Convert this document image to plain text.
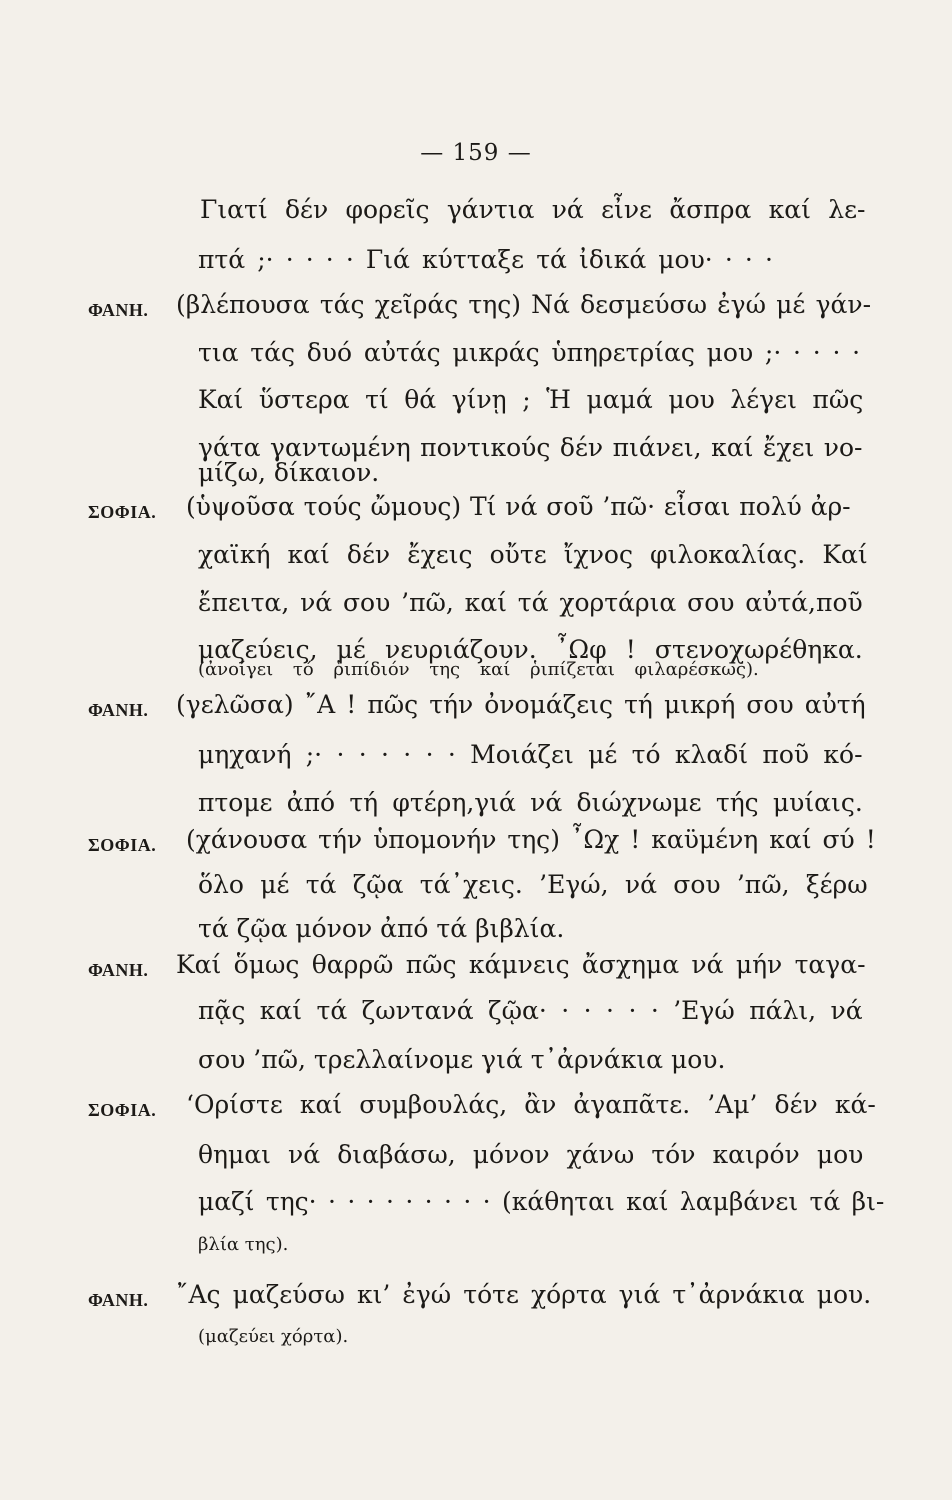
— 159 —
Γιατί δέν φορεῖς γάντια νά εἶνε ἄσπρα καί λε-
πτά ;· · · · · Γιά κύτταξε τά ἰδικά μου· · · ·
ΦΑΝΗ. (βλέπουσα τάς χεῖράς της) Νά δεσμεύσω ἐγώ μέ γάν-
τια τάς δυό αὐτάς μικράς ὑπηρετρίας μου ;· · · · ·
Καί ὕστερα τί θά γίνῃ ; Ἡ μαμά μου λέγει πῶς
γάτα γαντωμένη ποντικούς δέν πιάνει, καί ἔχει νο-
μίζω, δίκαιον.
ΣΟΦΙΑ. (ὑψοῦσα τούς ὤμους) Τί νά σοῦ ’πῶ· εἶσαι πολύ ἀρ-
χαϊκή καί δέν ἔχεις οὔτε ἴχνος φιλοκαλίας. Καί
ἔπειτα, νά σου ’πῶ, καί τά χορτάρια σου αὐτά,ποῦ
μαζεύεις, μέ νευριάζουν. ῏Ωφ ! στενοχωρέθηκα.
(ἀνοίγει τό ῥιπίδιόν της καί ῥιπίζεται φιλαρέσκως).
ΦΑΝΗ. (γελῶσα) ῎Α ! πῶς τήν ὀνομάζεις τή μικρή σου αὐτή
μηχανή ;· · · · · · · Μοιάζει μέ τό κλαδί ποῦ κό-
πτομε ἀπό τή φτέρη,γιά νά διώχνωμε τής μυίαις.
ΣΟΦΙΑ. (χάνουσα τήν ὑπομονήν της) ῏Ωχ ! καϋμένη καί σύ !
ὅλο μέ τά ζῷα τά᾽χεις. ’Εγώ, νά σου ’πῶ, ξέρω
τά ζῷα μόνον ἀπό τά βιβλία.
ΦΑΝΗ. Καί ὅμως θαρρῶ πῶς κάμνεις ἄσχημα νά μήν ταγα-
πᾷς καί τά ζωντανά ζῷα· · · · · · ’Εγώ πάλι, νά
σου ’πῶ, τρελλαίνομε γιά τ᾽ἀρνάκια μου.
ΣΟΦΙΑ. ‘Ορίστε καί συμβουλάς, ἂν ἀγαπᾶτε. ’Αμ’ δέν κά-
θημαι νά διαβάσω, μόνον χάνω τόν καιρόν μου
μαζί της· · · · · · · · · · (κάθηται καί λαμβάνει τά βι-
βλία της).
ΦΑΝΗ. ῎Ας μαζεύσω κι’ ἐγώ τότε χόρτα γιά τ᾽ἀρνάκια μου.
(μαζεύει χόρτα).
